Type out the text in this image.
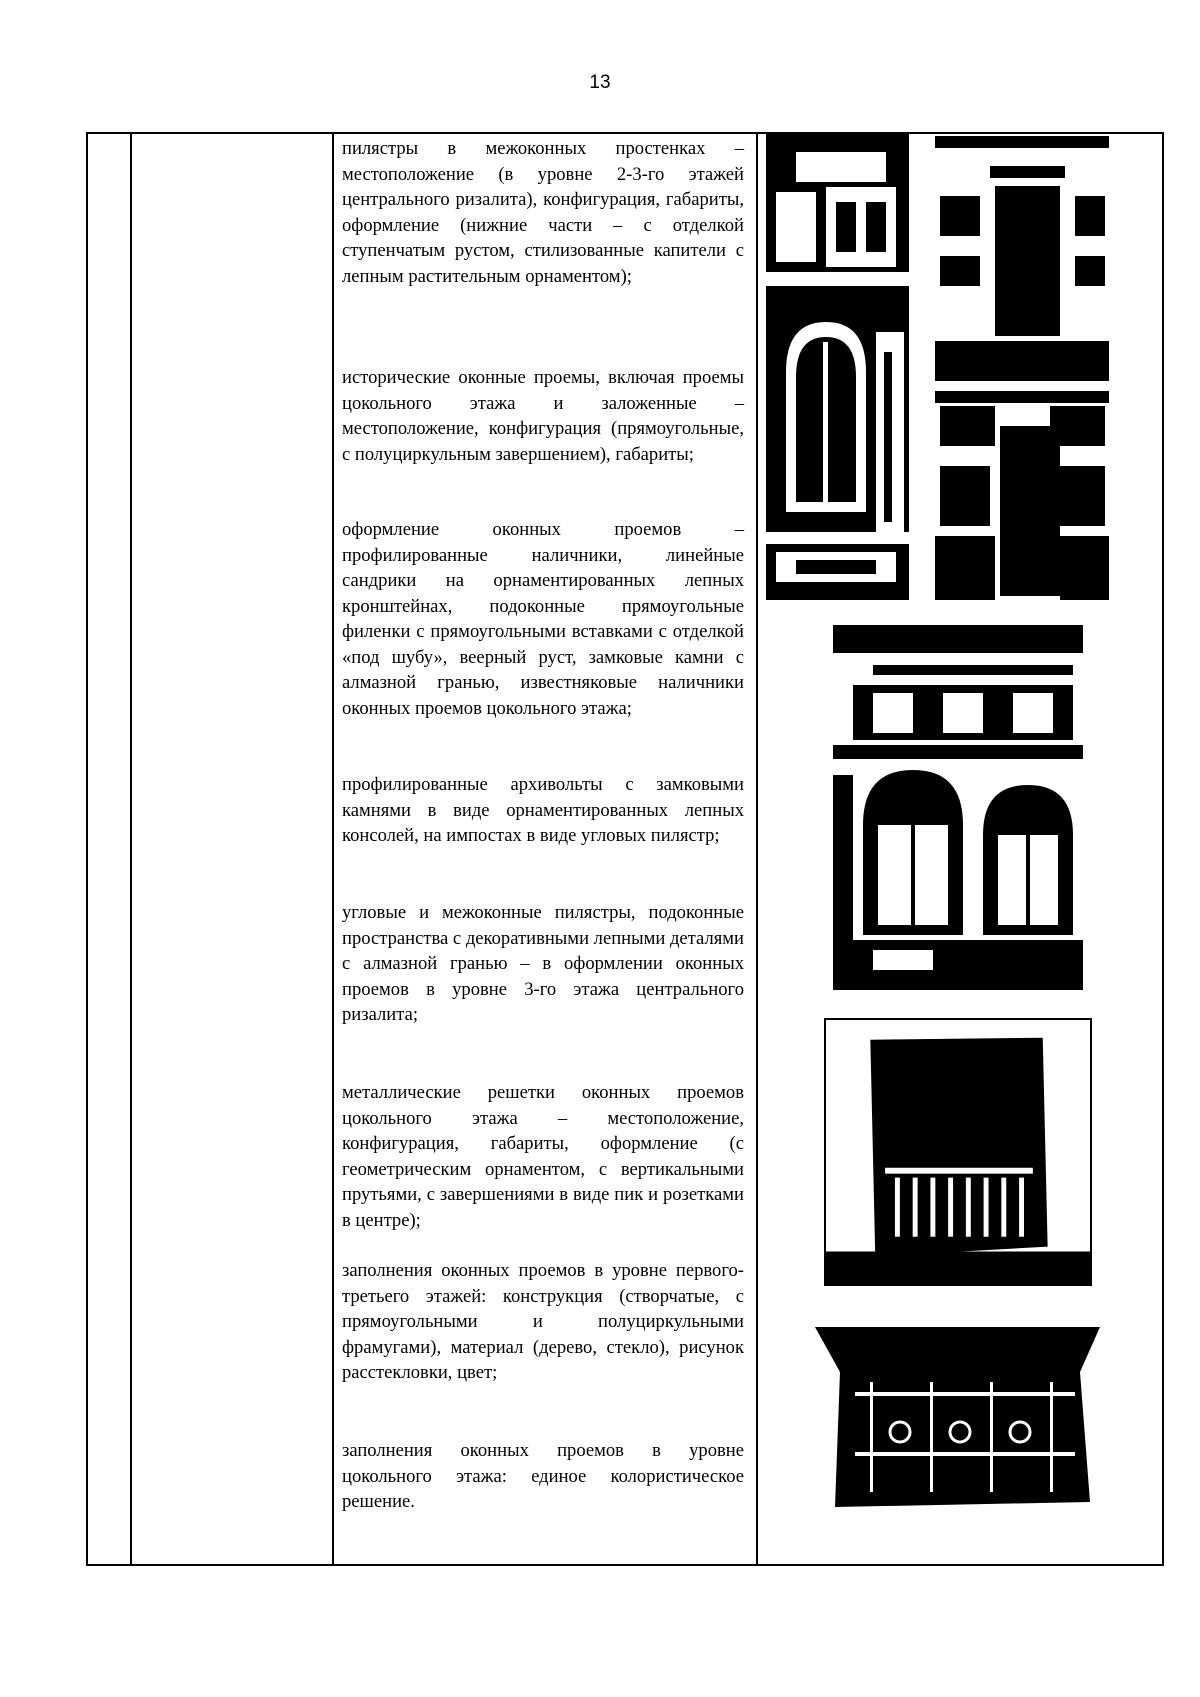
13

пилястры в межоконных простенках – местоположение (в уровне 2-3-го этажей центрального ризалита), конфигурация, габариты, оформление (нижние части – с отделкой ступенчатым рустом, стилизованные капители с лепным растительным орнаментом);

исторические оконные проемы, включая проемы цокольного этажа и заложенные – местоположение, конфигурация (прямоугольные, с полуциркульным завершением), габариты;

оформление оконных проемов – профилированные наличники, линейные сандрики на орнаментированных лепных кронштейнах, подоконные прямоугольные филенки с прямоугольными вставками с отделкой «под шубу», веерный руст, замковые камни с алмазной гранью, известняковые наличники оконных проемов цокольного этажа;

профилированные архивольты с замковыми камнями в виде орнаментированных лепных консолей, на импостах в виде угловых пилястр;

угловые и межоконные пилястры, подоконные пространства с декоративными лепными деталями с алмазной гранью – в оформлении оконных проемов в уровне 3-го этажа центрального ризалита;

металлические решетки оконных проемов цокольного этажа – местоположение, конфигурация, габариты, оформление (с геометрическим орнаментом, с вертикальными прутьями, с завершениями в виде пик и розетками в центре);

заполнения оконных проемов в уровне первого-третьего этажей: конструкция (створчатые, с прямоугольными и полуциркульными фрамугами), материал (дерево, стекло), рисунок расстекловки, цвет;

заполнения оконных проемов в уровне цокольного этажа: единое колористическое решение.
